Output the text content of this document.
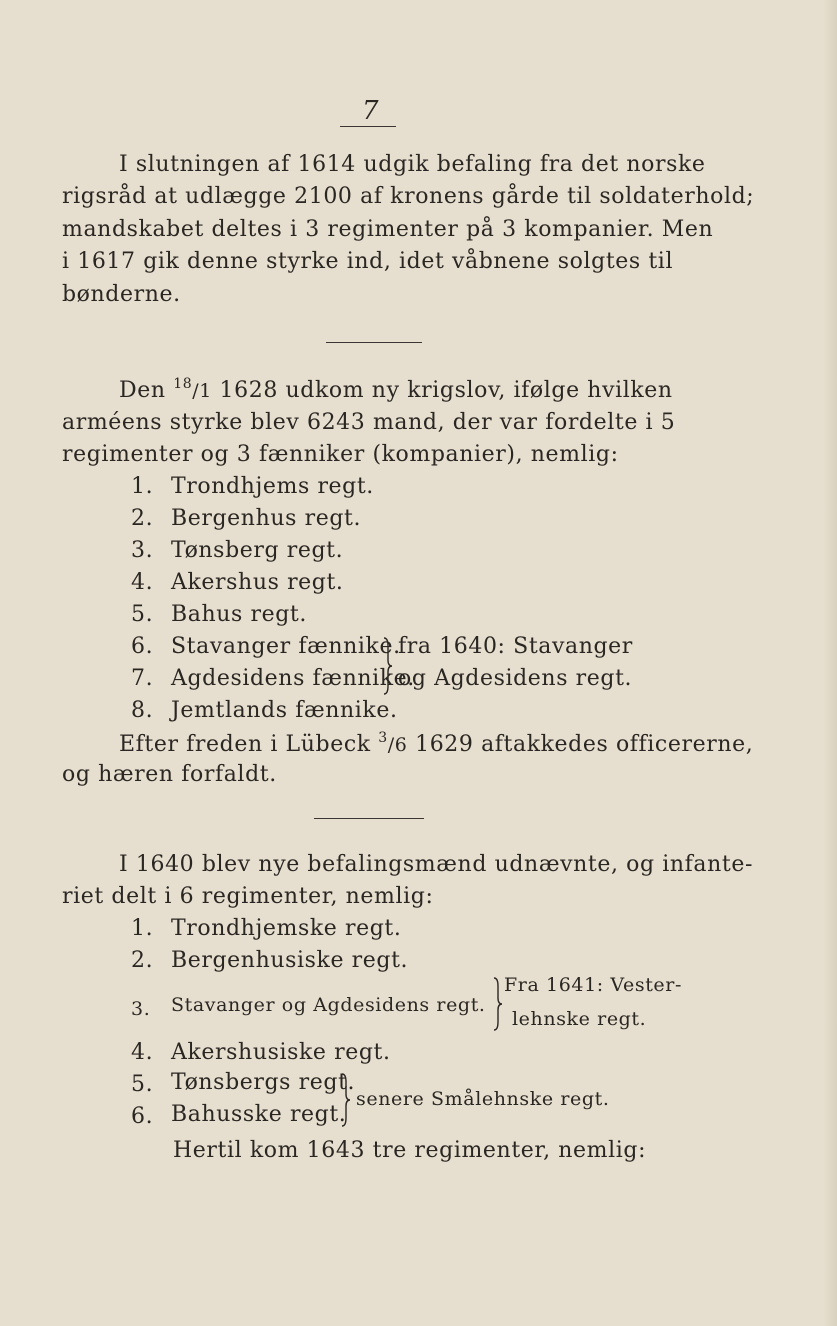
7
I slutningen af 1614 udgik befaling fra det norske
rigsråd at udlægge 2100 af kronens gårde til soldaterhold;
mandskabet deltes i 3 regimenter på 3 kompanier. Men
i 1617 gik denne styrke ind, idet våbnene solgtes til
bønderne.
Den $^{18}$/1 1628 udkom ny krigslov, ifølge hvilken
arméens styrke blev 6243 mand, der var fordelte i 5
regimenter og 3 fænniker (kompanier), nemlig:
1. Trondhjems regt.
2. Bergenhus regt.
3. Tønsberg regt.
4. Akershus regt.
5. Bahus regt.
6. Stavanger fænnike.
7. Agdesidens fænnike.
8. Jemtlands fænnike.
fra 1640: Stavanger
og Agdesidens regt.
Efter freden i Lübeck $^3$/6 1629 aftakkedes officererne,
og hæren forfaldt.
I 1640 blev nye befalingsmænd udnævnte, og infante-
riet delt i 6 regimenter, nemlig:
1. Trondhjemske regt.
2. Bergenhusiske regt.
3. Stavanger og Agdesidens regt.
Fra 1641: Vester-
lehnske regt.
4. Akershusiske regt.
5. Tønsbergs regt.
6. Bahusske regt.
senere Smålehnske regt.
Hertil kom 1643 tre regimenter, nemlig:
